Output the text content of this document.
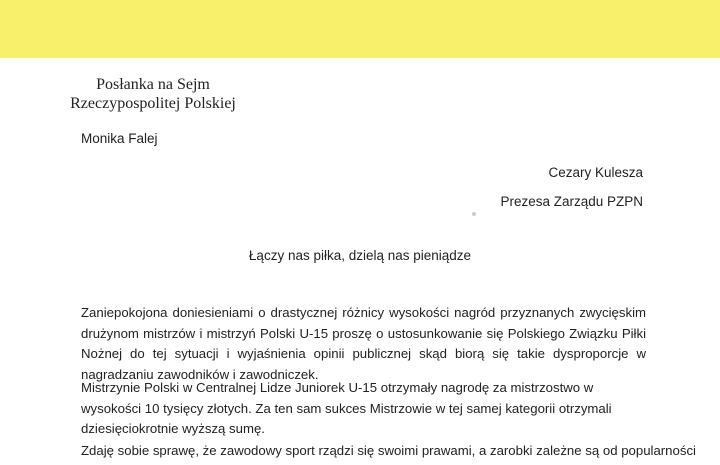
Posłanka na Sejm
Rzeczypospolitej Polskiej
Monika Falej
Cezary Kulesza
Prezesa Zarządu PZPN
Łączy nas piłka, dzielą nas pieniądze
Zaniepokojona doniesieniami o drastycznej różnicy wysokości nagród przyznanych zwycięskim drużynom mistrzów i mistrzyń Polski U-15 proszę o ustosunkowanie się Polskiego Związku Piłki Nożnej do tej sytuacji i wyjaśnienia opinii publicznej skąd biorą się takie dysproporcje w nagradzaniu zawodników i zawodniczek.
Mistrzynie Polski w Centralnej Lidze Juniorek U-15 otrzymały nagrodę za mistrzostwo w wysokości 10 tysięcy złotych. Za ten sam sukces Mistrzowie w tej samej kategorii otrzymali dziesięciokrotnie wyższą sumę.
Zdaję sobie sprawę, że zawodowy sport rządzi się swoimi prawami, a zarobki zależne są od popularności
